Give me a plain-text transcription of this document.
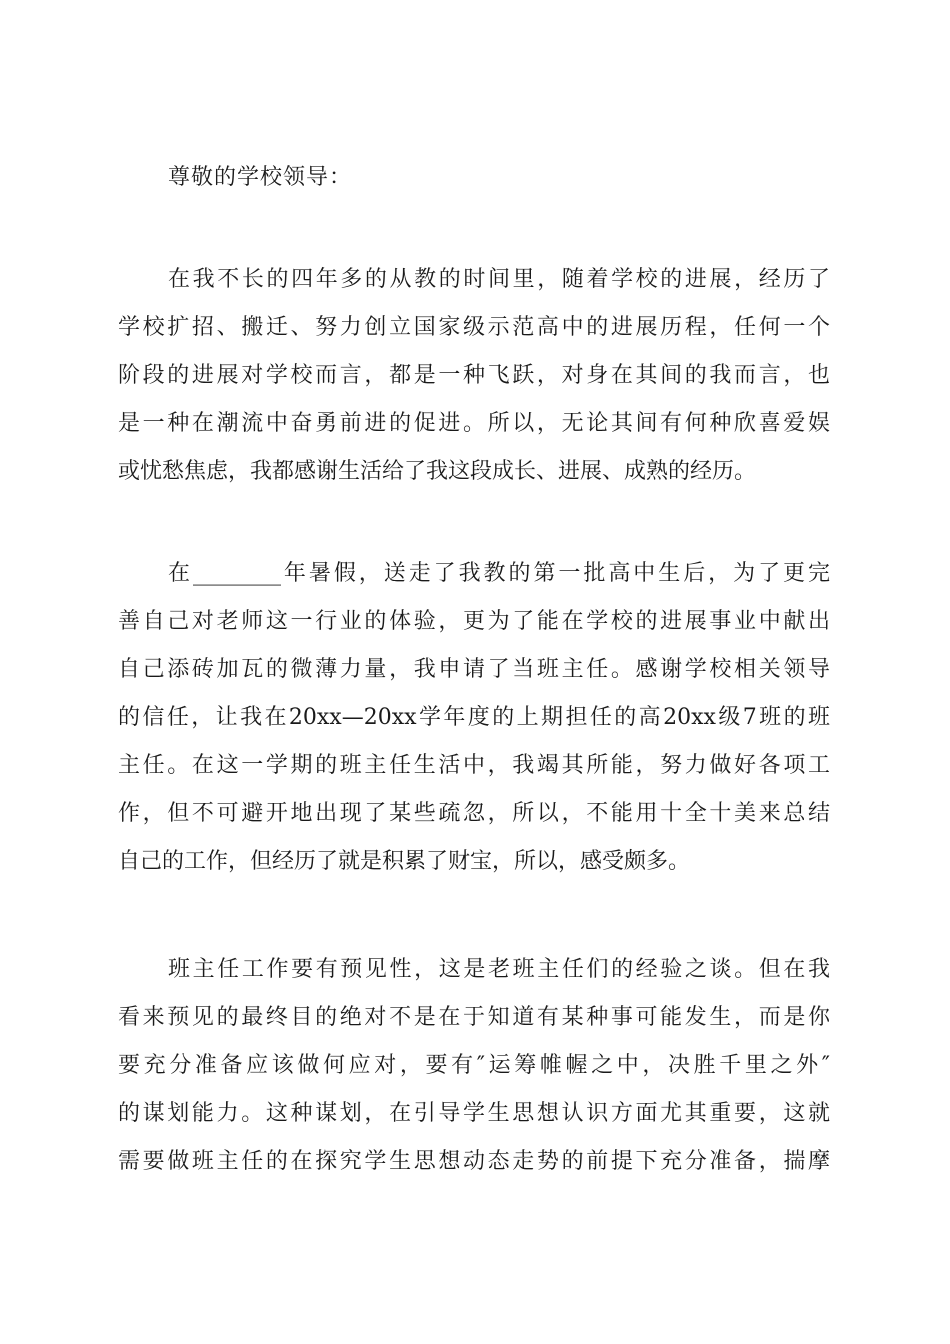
尊敬的学校领导：
在我不长的四年多的从教的时间里，随着学校的进展，经历了
学校扩招、搬迁、努力创立国家级示范高中的进展历程，任何一个
阶段的进展对学校而言，都是一种飞跃，对身在其间的我而言，也
是一种在潮流中奋勇前进的促进。所以，无论其间有何种欣喜爱娱
或忧愁焦虑，我都感谢生活给了我这段成长、进展、成熟的经历。
在________年暑假，送走了我教的第一批高中生后，为了更完
善自己对老师这一行业的体验，更为了能在学校的进展事业中献出
自己添砖加瓦的微薄力量，我申请了当班主任。感谢学校相关领导
的信任，让我在20xx—20xx学年度的上期担任的高20xx级7班的班
主任。在这一学期的班主任生活中，我竭其所能，努力做好各项工
作，但不可避开地出现了某些疏忽，所以，不能用十全十美来总结
自己的工作，但经历了就是积累了财宝，所以，感受颇多。
班主任工作要有预见性，这是老班主任们的经验之谈。但在我
看来预见的最终目的绝对不是在于知道有某种事可能发生，而是你
要充分准备应该做何应对，要有″运筹帷幄之中，决胜千里之外″
的谋划能力。这种谋划，在引导学生思想认识方面尤其重要，这就
需要做班主任的在探究学生思想动态走势的前提下充分准备，揣摩
